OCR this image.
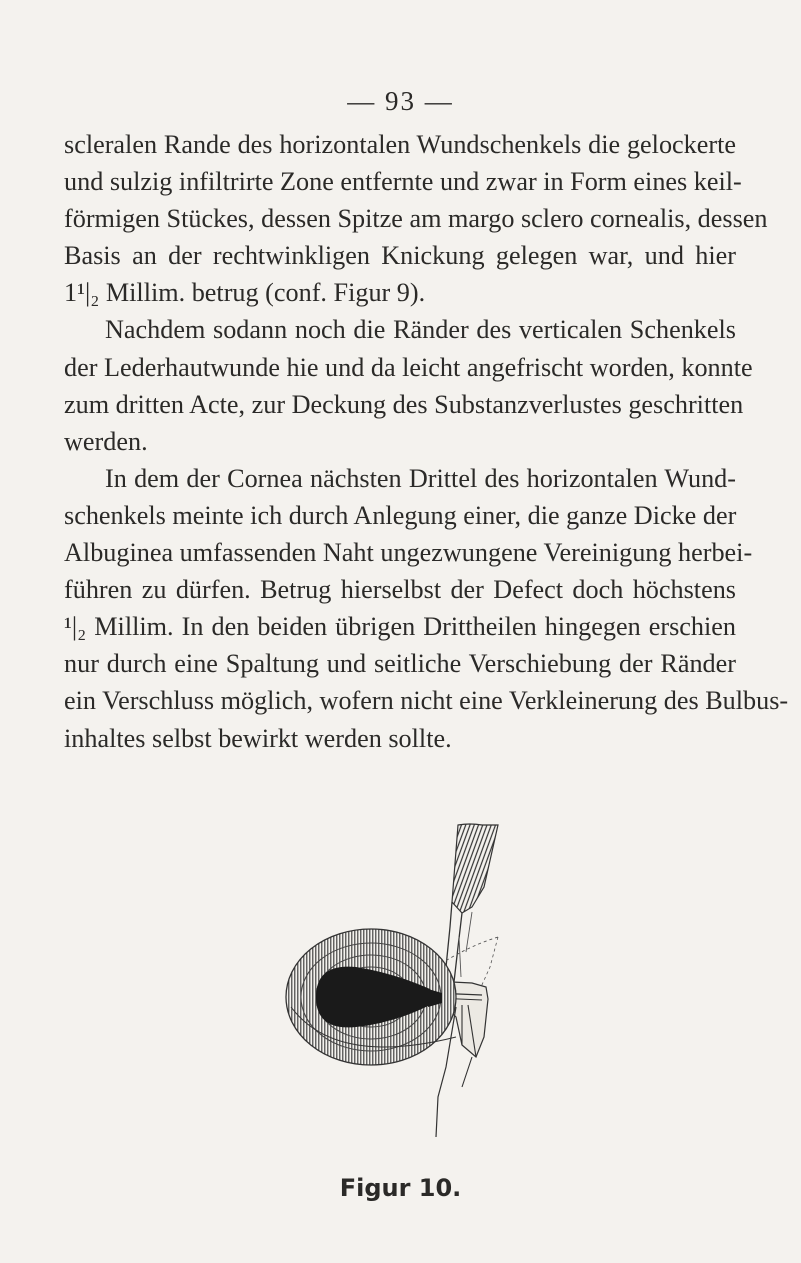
— 93 —
scleralen Rande des horizontalen Wundschenkels die gelockerte
und sulzig infiltrirte Zone entfernte und zwar in Form eines keil-
förmigen Stückes, dessen Spitze am margo sclero cornealis, dessen
Basis an der rechtwinkligen Knickung gelegen war, und hier
1¹|₂ Millim. betrug (conf. Figur 9).
Nachdem sodann noch die Ränder des verticalen Schenkels
der Lederhautwunde hie und da leicht angefrischt worden, konnte
zum dritten Acte, zur Deckung des Substanzverlustes geschritten
werden.
In dem der Cornea nächsten Drittel des horizontalen Wund-
schenkels meinte ich durch Anlegung einer, die ganze Dicke der
Albuginea umfassenden Naht ungezwungene Vereinigung herbei-
führen zu dürfen. Betrug hierselbst der Defect doch höchstens
¹|₂ Millim. In den beiden übrigen Drittheilen hingegen erschien
nur durch eine Spaltung und seitliche Verschiebung der Ränder
ein Verschluss möglich, wofern nicht eine Verkleinerung des Bulbus-
inhaltes selbst bewirkt werden sollte.
Figur 10.
